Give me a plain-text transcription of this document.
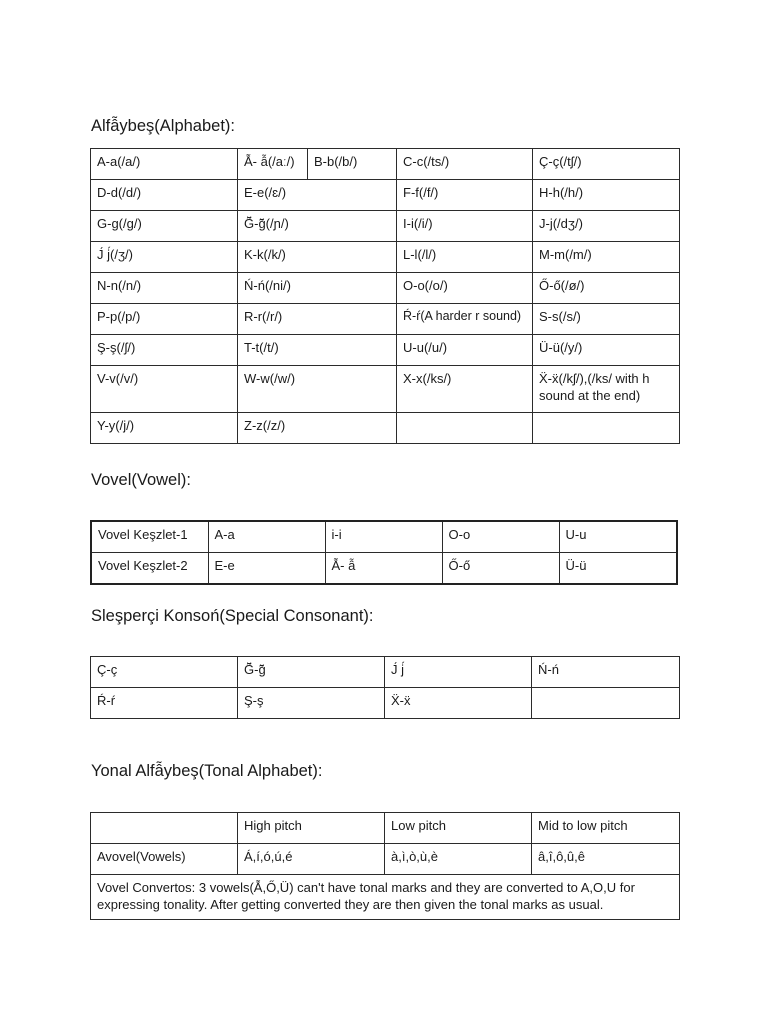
Alfẫybeş(Alphabet):
A-a(/a/)	Ẫ- ẫ(/aː/)	B-b(/b/)	C-c(/ts/)	Ç-ç(/tʃ/)
D-d(/d/)	E-e(/ɛ/)		F-f(/f/)	H-h(/h/)
G-g(/g/)	Ğ̃-ğ̃(/ɲ/)		I-i(/i/)	J-j(/dʒ/)
J́ j́(/ʒ/)	K-k(/k/)		L-l(/l/)	M-m(/m/)
N-n(/n/)	Ń-ń(/ni/)		O-o(/o/)	Ő-ő(/ø/)
P-p(/p/)	R-r(/r/)		Ŕ-ŕ(A harder r sound)	S-s(/s/)
Ş-ş(/ʃ/)	T-t(/t/)		U-u(/u/)	Ü-ü(/y/)
V-v(/v/)	W-w(/w/)		X-x(/ks/)	Ẍ-ẍ(/kʃ/),(/ks/ with h sound at the end)
Y-y(/j/)	Z-z(/z/)			
Vovel(Vowel):
Vovel Keşzlet-1	A-a	i-i	O-o	U-u
Vovel Keşzlet-2	E-e	Ẫ- ẫ	Ő-ő	Ü-ü
Sleşperçi Konsoń(Special Consonant):
Ç-ç	Ğ̃-ğ̃	J́ j́	Ń-ń
Ŕ-ŕ	Ş-ş	Ẍ-ẍ	
Yonal Alfẫybeş(Tonal Alphabet):
	High pitch	Low pitch	Mid to low pitch
Avovel(Vowels)	Á,í,ó,ú,é	à,ì,ò,ù,è	â,î,ô,û,ê
Vovel Convertos: 3 vowels(Ẫ,Ő,Ü) can't have tonal marks and they are converted to A,O,U for expressing tonality. After getting converted they are then given the tonal marks as usual.			
